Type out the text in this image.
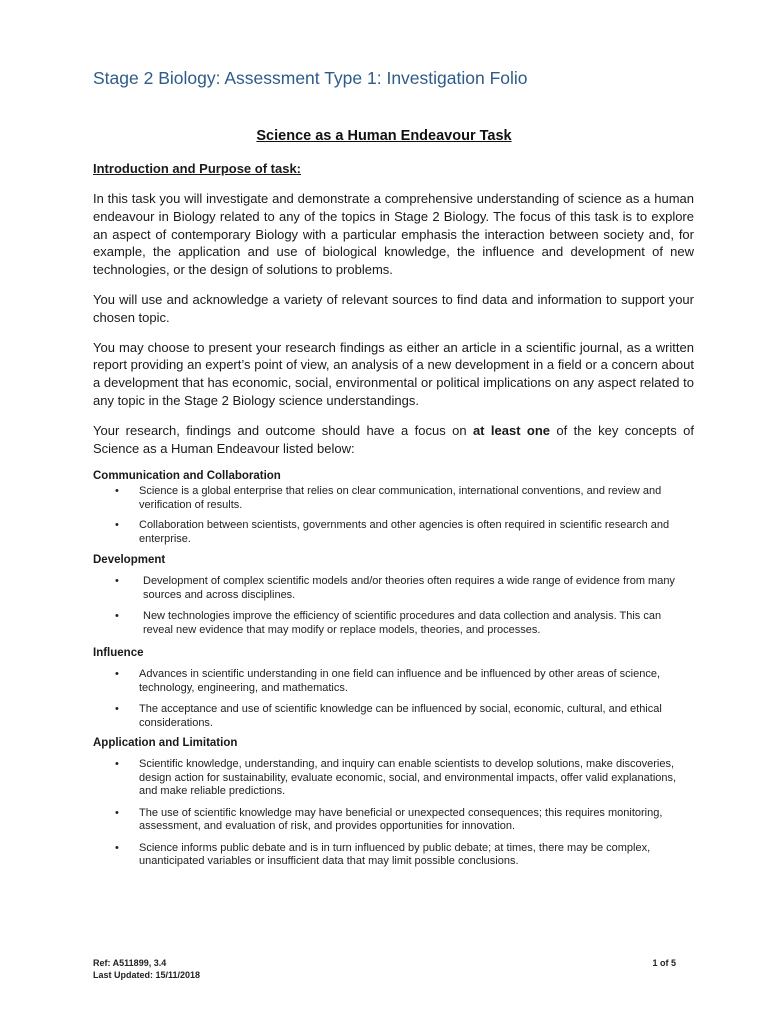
Stage 2 Biology: Assessment Type 1: Investigation Folio
Science as a Human Endeavour Task
Introduction and Purpose of task:

In this task you will investigate and demonstrate a comprehensive understanding of science as a human endeavour in Biology related to any of the topics in Stage 2 Biology. The focus of this task is to explore an aspect of contemporary Biology with a particular emphasis the interaction between society and, for example, the application and use of biological knowledge, the influence and development of new technologies, or the design of solutions to problems.

You will use and acknowledge a variety of relevant sources to find data and information to support your chosen topic.

You may choose to present your research findings as either an article in a scientific journal, as a written report providing an expert’s point of view, an analysis of a new development in a field or a concern about a development that has economic, social, environmental or political implications on any aspect related to any topic in the Stage 2 Biology science understandings.

Your research, findings and outcome should have a focus on at least one of the key concepts of Science as a Human Endeavour listed below:

Communication and Collaboration
• Science is a global enterprise that relies on clear communication, international conventions, and review and verification of results.
• Collaboration between scientists, governments and other agencies is often required in scientific research and enterprise.
Development
• Development of complex scientific models and/or theories often requires a wide range of evidence from many sources and across disciplines.
• New technologies improve the efficiency of scientific procedures and data collection and analysis. This can reveal new evidence that may modify or replace models, theories, and processes.
Influence
• Advances in scientific understanding in one field can influence and be influenced by other areas of science, technology, engineering, and mathematics.
• The acceptance and use of scientific knowledge can be influenced by social, economic, cultural, and ethical considerations.
Application and Limitation
• Scientific knowledge, understanding, and inquiry can enable scientists to develop solutions, make discoveries, design action for sustainability, evaluate economic, social, and environmental impacts, offer valid explanations, and make reliable predictions.
• The use of scientific knowledge may have beneficial or unexpected consequences; this requires monitoring, assessment, and evaluation of risk, and provides opportunities for innovation.
• Science informs public debate and is in turn influenced by public debate; at times, there may be complex, unanticipated variables or insufficient data that may limit possible conclusions.
Ref: A511899, 3.4
Last Updated: 15/11/2018
1 of 5
